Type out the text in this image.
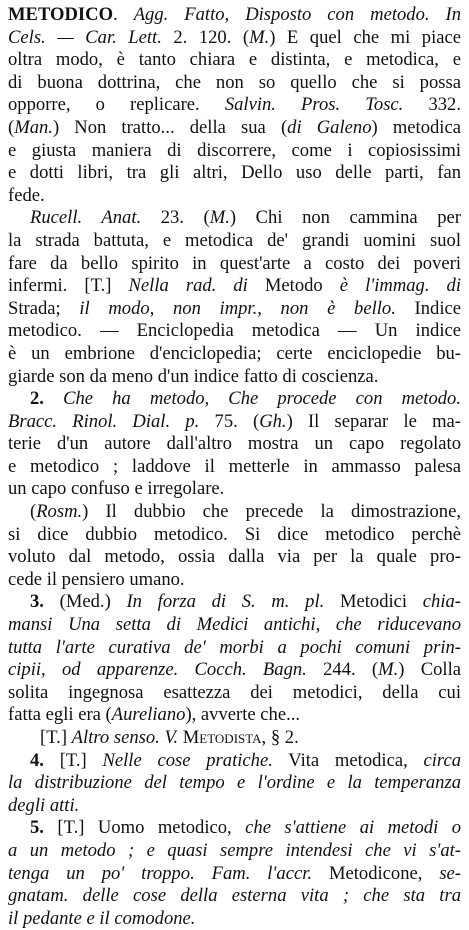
METODICO. Agg. Fatto, Disposto con metodo. In
Cels. — Car. Lett. 2. 120. (M.) E quel che mi piace
oltra modo, è tanto chiara e distinta, e metodica, e
di buona dottrina, che non so quello che si possa
opporre, o replicare. Salvin. Pros. Tosc. 332.
(Man.) Non tratto... della sua (di Galeno) metodica
e giusta maniera di discorrere, come i copiosissimi
e dotti libri, tra gli altri, Dello uso delle parti, fan
fede.
Rucell. Anat. 23. (M.) Chi non cammina per
la strada battuta, e metodica de' grandi uomini suol
fare da bello spirito in quest'arte a costo dei poveri
infermi. [T.] Nella rad. di Metodo è l'immag. di
Strada; il modo, non impr., non è bello. Indice
metodico. — Enciclopedia metodica — Un indice
è un embrione d'enciclopedia; certe enciclopedie bu-
giarde son da meno d'un indice fatto di coscienza.
2. Che ha metodo, Che procede con metodo.
Bracc. Rinol. Dial. p. 75. (Gh.) Il separar le ma-
terie d'un autore dall'altro mostra un capo regolato
e metodico ; laddove il metterle in ammasso palesa
un capo confuso e irregolare.
(Rosm.) Il dubbio che precede la dimostrazione,
si dice dubbio metodico. Si dice metodico perchè
voluto dal metodo, ossia dalla via per la quale pro-
cede il pensiero umano.
3. (Med.) In forza di S. m. pl. Metodici chia-
mansi Una setta di Medici antichi, che riducevano
tutta l'arte curativa de' morbi a pochi comuni prin-
cipii, od apparenze. Cocch. Bagn. 244. (M.) Colla
solita ingegnosa esattezza dei metodici, della cui
fatta egli era (Aureliano), avverte che...
[T.] Altro senso. V. Metodista, § 2.
4. [T.] Nelle cose pratiche. Vita metodica, circa
la distribuzione del tempo e l'ordine e la temperanza
degli atti.
5. [T.] Uomo metodico, che s'attiene ai metodi o
a un metodo ; e quasi sempre intendesi che vi s'at-
tenga un po' troppo. Fam. l'accr. Metodicone, se-
gnatam. delle cose della esterna vita ; che sta tra
il pedante e il comodone.
